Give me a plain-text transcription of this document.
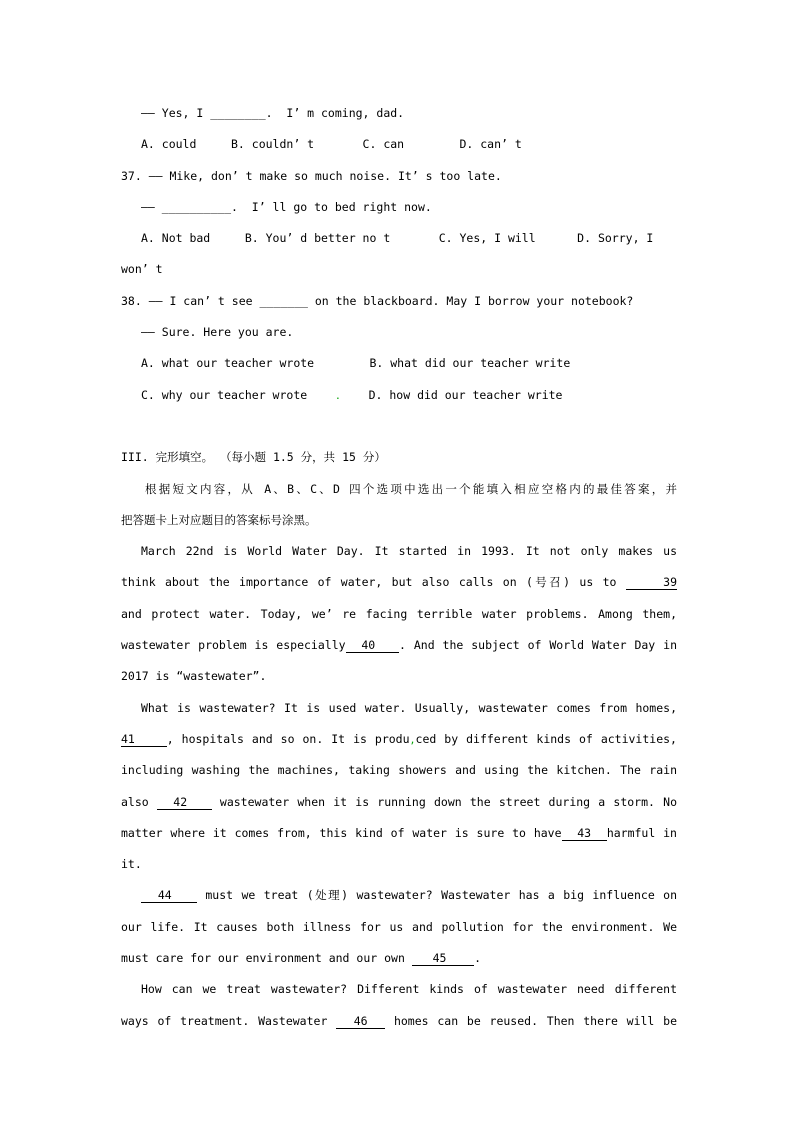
—— Yes, I ________.  I’ m coming, dad.
A. could     B. couldn’ t       C. can        D. can’ t
37. —— Mike, don’ t make so much noise. It’ s too late.
—— __________.  I’ ll go to bed right now.
A. Not bad     B. You’ d better no t       C. Yes, I will      D. Sorry, I
won’ t
38. —— I can’ t see _______ on the blackboard. May I borrow your notebook?
—— Sure. Here you are.
A. what our teacher wrote        B. what did our teacher write
C. why our teacher wrote    .    D. how did our teacher write

III. 完形填空。 （每小题 1.5 分，共 15 分）
根据短文内容，从 A、B、C、D 四个选项中选出一个能填入相应空格内的最佳答案，并
把答题卡上对应题目的答案标号涂黑。
March 22nd is World Water Day. It started in 1993. It not only makes us
think about the importance of water, but also calls on (号召) us to     39
and protect water. Today, we’ re facing terrible water problems. Among them,
wastewater problem is especially  40   . And the subject of World Water Day in
2017 is “wastewater”.
What is wastewater? It is used water. Usually, wastewater comes from homes,
41    , hospitals and so on. It is produ,ced by different kinds of activities,
including washing the machines, taking showers and using the kitchen. The rain
also   42    wastewater when it is running down the street during a storm. No
matter where it comes from, this kind of water is sure to have  43  harmful in
it.
44    must we treat (处理) wastewater? Wastewater has a big influence on
our life. It causes both illness for us and pollution for the environment. We
must care for our environment and our own    45    .
How can we treat wastewater? Different kinds of wastewater need different
ways of treatment. Wastewater   46   homes can be reused. Then there will be
